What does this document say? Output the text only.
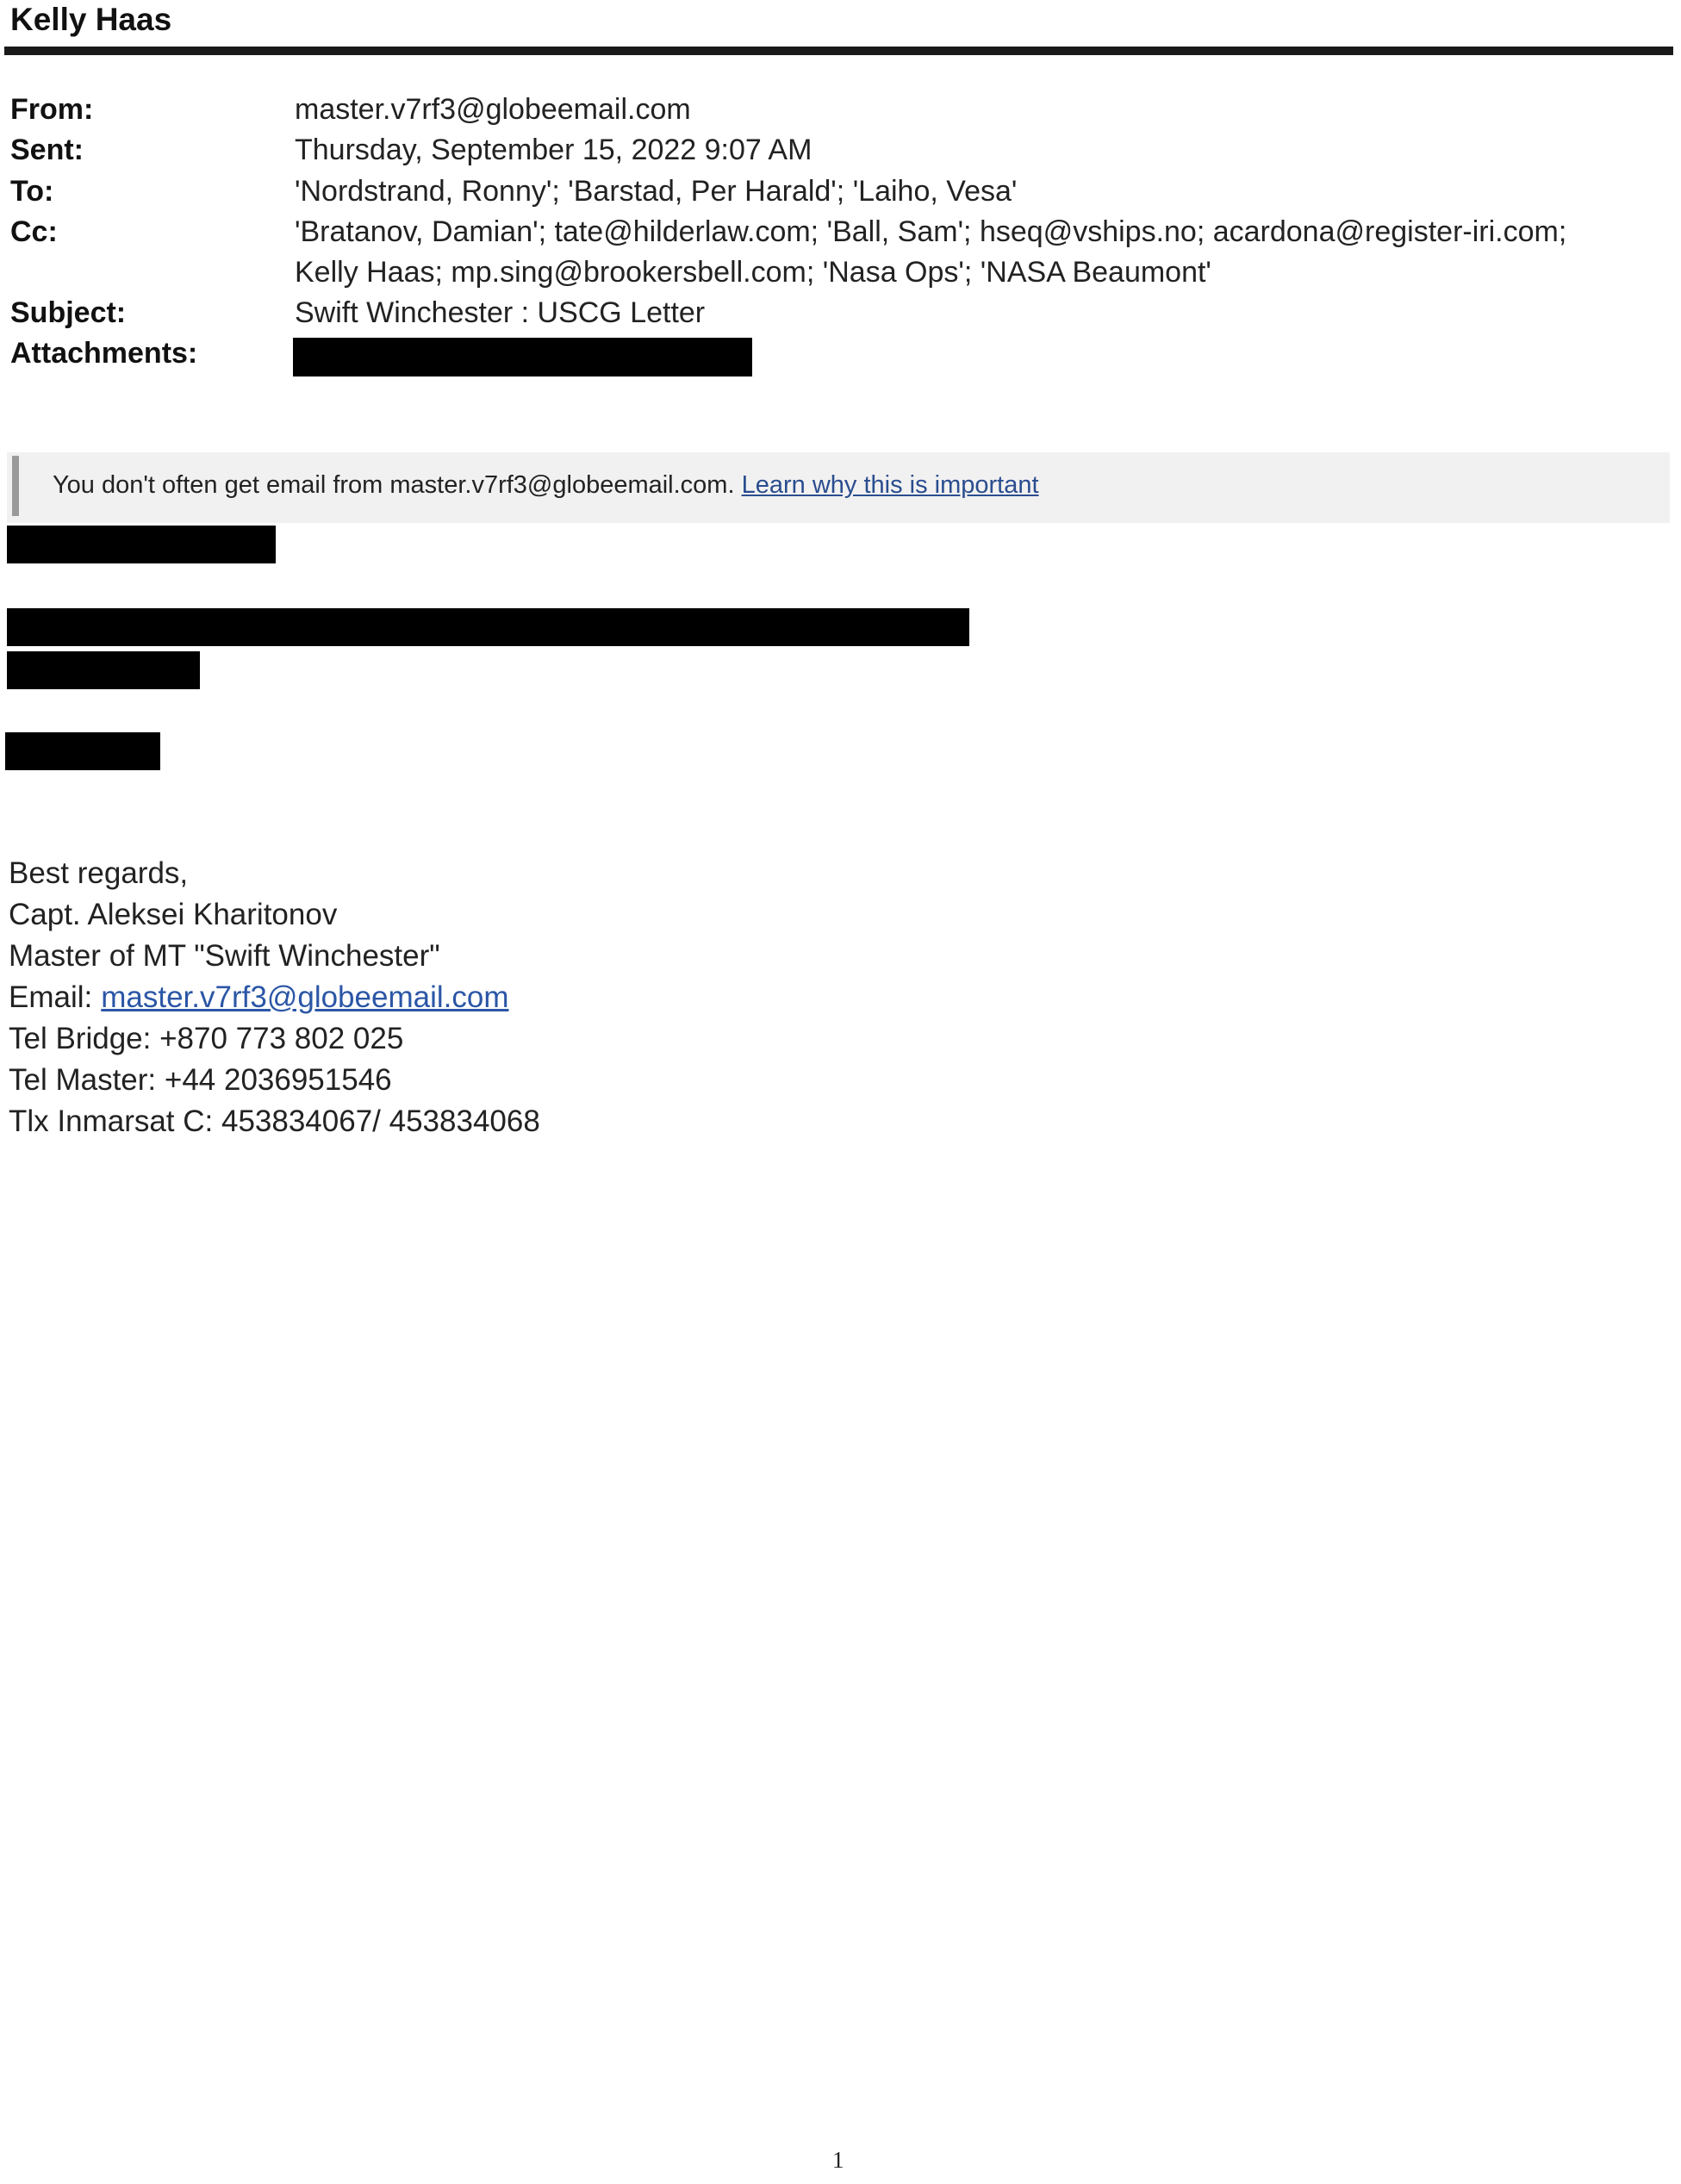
Kelly Haas
From:	master.v7rf3@globeemail.com
Sent:	Thursday, September 15, 2022 9:07 AM
To:	'Nordstrand, Ronny'; 'Barstad, Per Harald'; 'Laiho, Vesa'
Cc:	'Bratanov, Damian'; tate@hilderlaw.com; 'Ball, Sam'; hseq@vships.no; acardona@register-iri.com;
Kelly Haas; mp.sing@brookersbell.com; 'Nasa Ops'; 'NASA Beaumont'
Subject:	Swift Winchester : USCG Letter
Attachments:
You don't often get email from master.v7rf3@globeemail.com. Learn why this is important
Best regards,
Capt. Aleksei Kharitonov
Master of MT "Swift Winchester"
Email: master.v7rf3@globeemail.com
Tel Bridge: +870 773 802 025
Tel Master: +44 2036951546
Tlx Inmarsat C: 453834067/ 453834068
1
